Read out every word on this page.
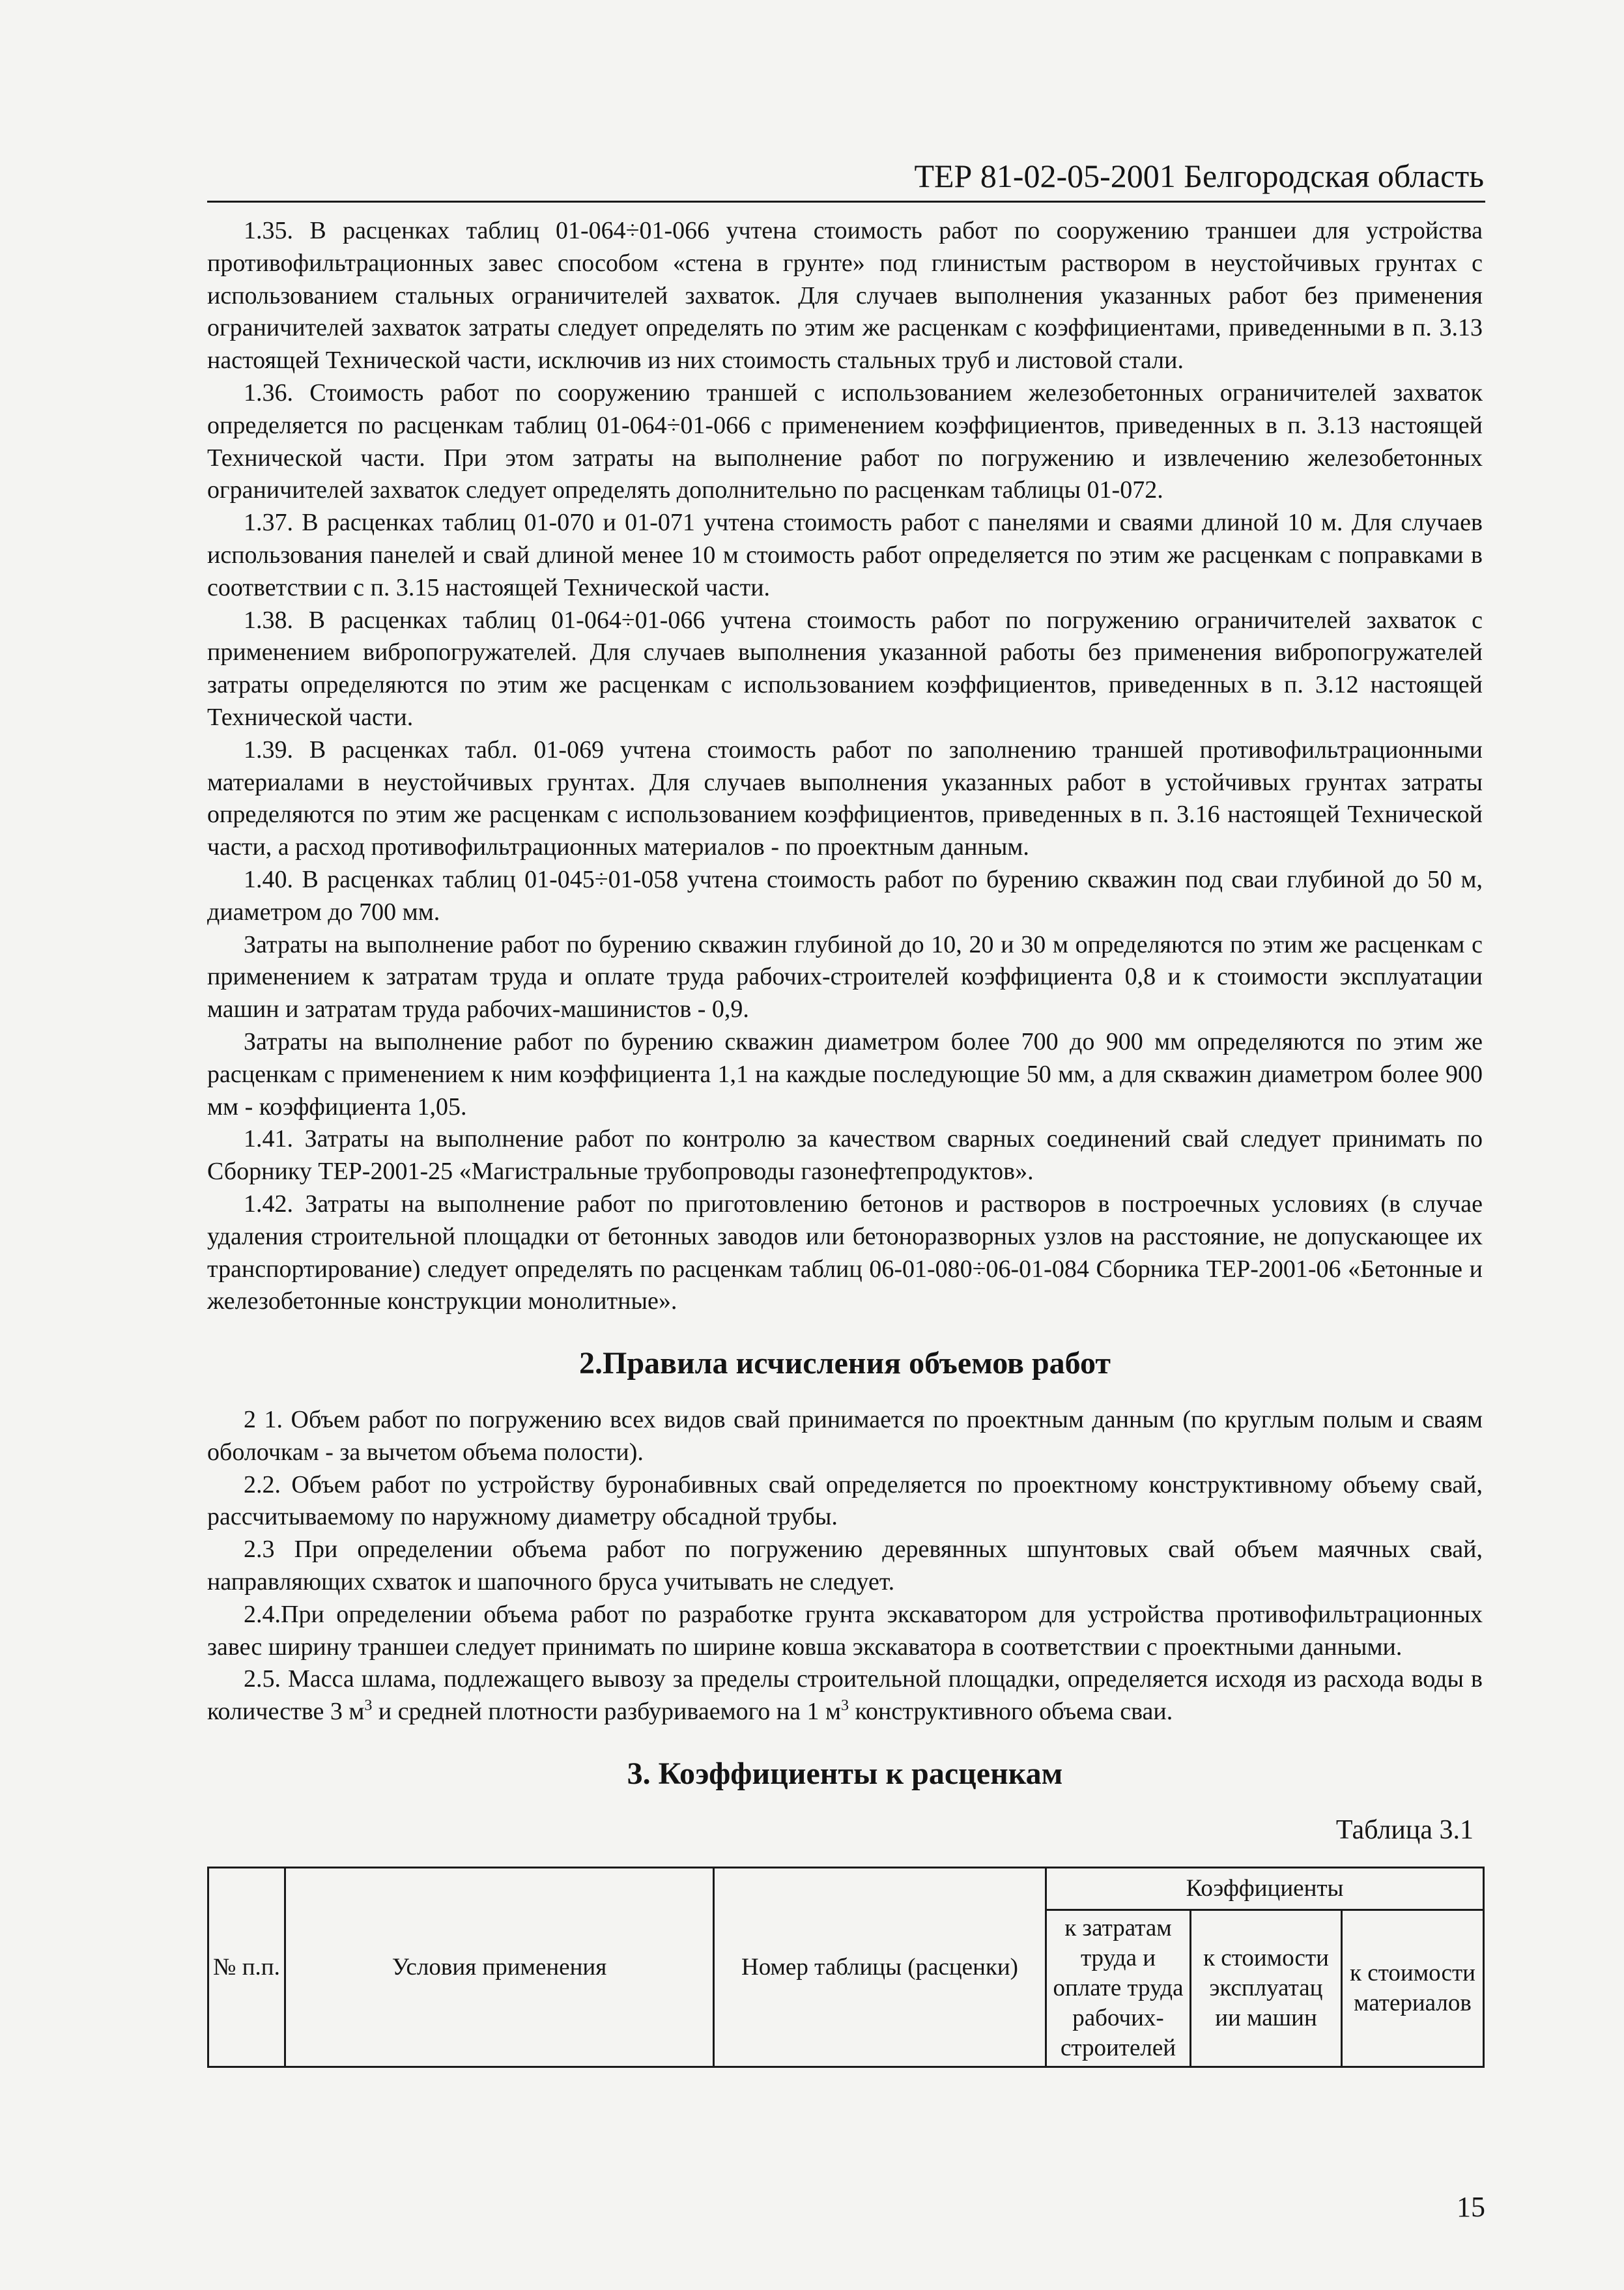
ТЕР 81-02-05-2001 Белгородская область

1.35. В расценках таблиц 01-064÷01-066 учтена стоимость работ по сооружению траншеи для устройства противофильтрационных завес способом «стена в грунте» под глинистым раствором в неустойчивых грунтах с использованием стальных ограничителей захваток. Для случаев выполнения указанных работ без применения ограничителей захваток затраты следует определять по этим же расценкам с коэффициентами, приведенными в п. 3.13 настоящей Технической части, исключив из них стоимость стальных труб и листовой стали.

1.36. Стоимость работ по сооружению траншей с использованием железобетонных ограничителей захваток определяется по расценкам таблиц 01-064÷01-066 с применением коэффициентов, приведенных в п. 3.13 настоящей Технической части. При этом затраты на выполнение работ по погружению и извлечению железобетонных ограничителей захваток следует определять дополнительно по расценкам таблицы 01-072.

1.37. В расценках таблиц 01-070 и 01-071 учтена стоимость работ с панелями и сваями длиной 10 м. Для случаев использования панелей и свай длиной менее 10 м стоимость работ определяется по этим же расценкам с поправками в соответствии с п. 3.15 настоящей Технической части.

1.38. В расценках таблиц 01-064÷01-066 учтена стоимость работ по погружению ограничителей захваток с применением вибропогружателей. Для случаев выполнения указанной работы без применения вибропогружателей затраты определяются по этим же расценкам с использованием коэффициентов, приведенных в п. 3.12 настоящей Технической части.

1.39. В расценках табл. 01-069 учтена стоимость работ по заполнению траншей противофильтрационными материалами в неустойчивых грунтах. Для случаев выполнения указанных работ в устойчивых грунтах затраты определяются по этим же расценкам с использованием коэффициентов, приведенных в п. 3.16 настоящей Технической части, а расход противофильтрационных материалов - по проектным данным.

1.40. В расценках таблиц 01-045÷01-058 учтена стоимость работ по бурению скважин под сваи глубиной до 50 м, диаметром до 700 мм.

Затраты на выполнение работ по бурению скважин глубиной до 10, 20 и 30 м определяются по этим же расценкам с применением к затратам труда и оплате труда рабочих-строителей коэффициента 0,8 и к стоимости эксплуатации машин и затратам труда рабочих-машинистов - 0,9.

Затраты на выполнение работ по бурению скважин диаметром более 700 до 900 мм определяются по этим же расценкам с применением к ним коэффициента 1,1 на каждые последующие 50 мм, а для скважин диаметром более 900 мм - коэффициента 1,05.

1.41. Затраты на выполнение работ по контролю за качеством сварных соединений свай следует принимать по Сборнику ТЕР-2001-25 «Магистральные трубопроводы газонефтепродуктов».

1.42. Затраты на выполнение работ по приготовлению бетонов и растворов в построечных условиях (в случае удаления строительной площадки от бетонных заводов или бетоноразворных узлов на расстояние, не допускающее их транспортирование) следует определять по расценкам таблиц 06-01-080÷06-01-084 Сборника ТЕР-2001-06 «Бетонные и железобетонные конструкции монолитные».

2.Правила исчисления объемов работ

2 1. Объем работ по погружению всех видов свай принимается по проектным данным (по круглым полым и сваям оболочкам - за вычетом объема полости).

2.2. Объем работ по устройству буронабивных свай определяется по проектному конструктивному объему свай, рассчитываемому по наружному диаметру обсадной трубы.

2.3 При определении объема работ по погружению деревянных шпунтовых свай объем маячных свай, направляющих схваток и шапочного бруса учитывать не следует.

2.4.При определении объема работ по разработке грунта экскаватором для устройства противофильтрационных завес ширину траншеи следует принимать по ширине ковша экскаватора в соответствии с проектными данными.

2.5. Масса шлама, подлежащего вывозу за пределы строительной площадки, определяется исходя из расхода воды в количестве 3 $м^3$ и средней плотности разбуриваемого на 1 $м^3$ конструктивного объема сваи.

3. Коэффициенты к расценкам
Таблица 3.1
№ п.п.	Условия применения	Номер таблицы (расценки)	Коэффициенты		
			к затратам труда и оплате труда рабочих-строителей	к стоимости эксплуатац ии машин	к стоимости материалов
15
